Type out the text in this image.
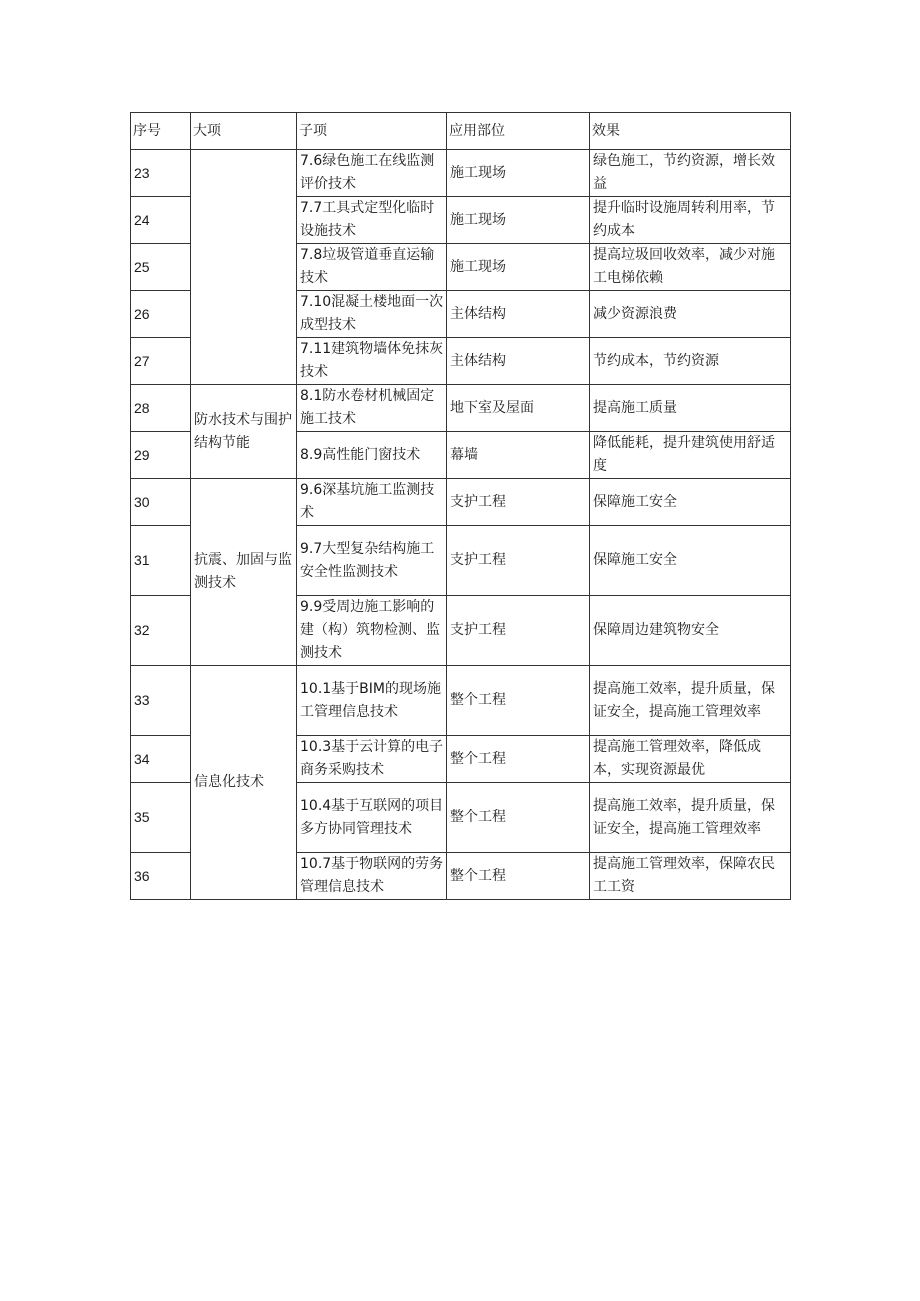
序号	大项	子项	应用部位	效果
23		7.6绿色施工在线监测评价技术	施工现场	绿色施工，节约资源，增长效益

24		7.7工具式定型化临时设施技术	施工现场	提升临时设施周转利用率，节约成本

25		7.8垃圾管道垂直运输技术	施工现场	提高垃圾回收效率，减少对施工电梯依赖

26		7.10混凝土楼地面一次成型技术	主体结构	减少资源浪费

27		7.11建筑物墙体免抹灰技术	主体结构	节约成本，节约资源

28	防水技术与围护结构节能	8.1防水卷材机械固定施工技术	地下室及屋面	提高施工质量

29		8.9高性能门窗技术	幕墙	降低能耗，提升建筑使用舒适度

30	抗震、加固与监测技术	9.6深基坑施工监测技术	支护工程	保障施工安全

31		9.7大型复杂结构施工安全性监测技术	支护工程	保障施工安全

32		9.9受周边施工影响的建（构）筑物检测、监测技术	支护工程	保障周边建筑物安全

33	信息化技术	10.1基于BIM的现场施工管理信息技术	整个工程	提高施工效率，提升质量，保证安全，提高施工管理效率

34		10.3基于云计算的电子商务采购技术	整个工程	提高施工管理效率，降低成本，实现资源最优

35		10.4基于互联网的项目多方协同管理技术	整个工程	提高施工效率，提升质量，保证安全，提高施工管理效率

36		10.7基于物联网的劳务管理信息技术	整个工程	提高施工管理效率，保障农民工工资
